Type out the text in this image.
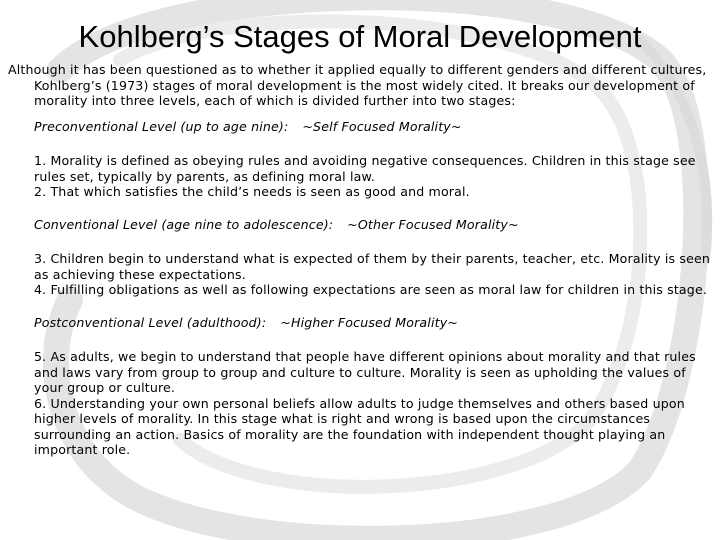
Kohlberg’s Stages of Moral Development

Although it has been questioned as to whether it applied equally to different genders and different cultures, Kohlberg’s (1973) stages of moral development is the most widely cited. It breaks our development of morality into three levels, each of which is divided further into two stages:

Preconventional Level (up to age nine): ~Self Focused Morality~

1. Morality is defined as obeying rules and avoiding negative consequences. Children in this stage see rules set, typically by parents, as defining moral law.

2. That which satisfies the child’s needs is seen as good and moral.

Conventional Level (age nine to adolescence): ~Other Focused Morality~

3. Children begin to understand what is expected of them by their parents, teacher, etc. Morality is seen as achieving these expectations.

4. Fulfilling obligations as well as following expectations are seen as moral law for children in this stage.

Postconventional Level (adulthood): ~Higher Focused Morality~

5. As adults, we begin to understand that people have different opinions about morality and that rules and laws vary from group to group and culture to culture. Morality is seen as upholding the values of your group or culture.

6. Understanding your own personal beliefs allow adults to judge themselves and others based upon higher levels of morality. In this stage what is right and wrong is based upon the circumstances surrounding an action. Basics of morality are the foundation with independent thought playing an important role.
